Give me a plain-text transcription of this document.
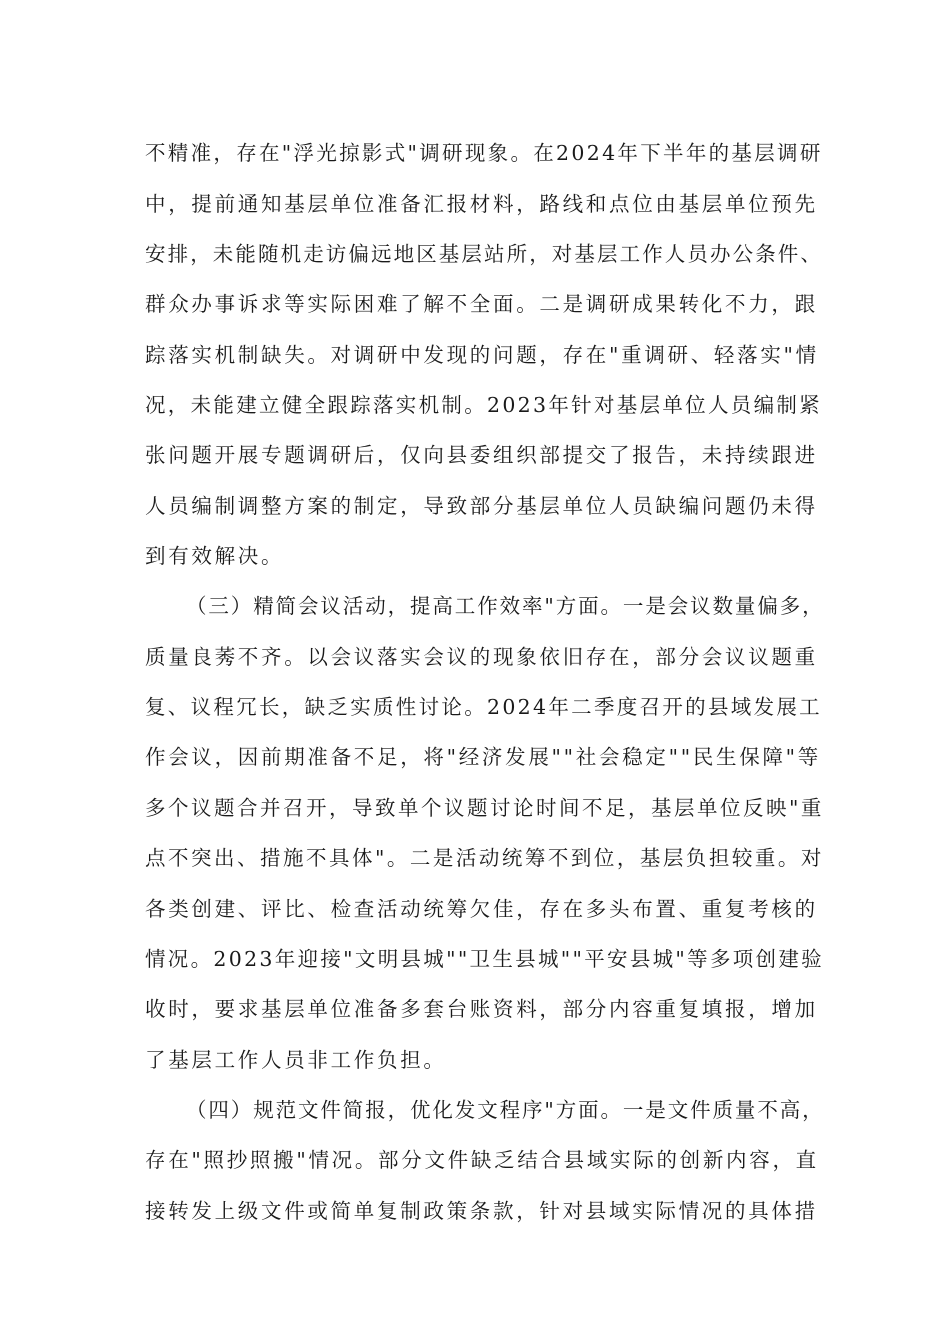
不精准，存在"浮光掠影式"调研现象。在2024年下半年的基层调研
中，提前通知基层单位准备汇报材料，路线和点位由基层单位预先
安排，未能随机走访偏远地区基层站所，对基层工作人员办公条件、
群众办事诉求等实际困难了解不全面。二是调研成果转化不力，跟
踪落实机制缺失。对调研中发现的问题，存在"重调研、轻落实"情
况，未能建立健全跟踪落实机制。2023年针对基层单位人员编制紧
张问题开展专题调研后，仅向县委组织部提交了报告，未持续跟进
人员编制调整方案的制定，导致部分基层单位人员缺编问题仍未得
到有效解决。
（三）精简会议活动，提高工作效率"方面。一是会议数量偏多，
质量良莠不齐。以会议落实会议的现象依旧存在，部分会议议题重
复、议程冗长，缺乏实质性讨论。2024年二季度召开的县域发展工
作会议，因前期准备不足，将"经济发展""社会稳定""民生保障"等
多个议题合并召开，导致单个议题讨论时间不足，基层单位反映"重
点不突出、措施不具体"。二是活动统筹不到位，基层负担较重。对
各类创建、评比、检查活动统筹欠佳，存在多头布置、重复考核的
情况。2023年迎接"文明县城""卫生县城""平安县城"等多项创建验
收时，要求基层单位准备多套台账资料，部分内容重复填报，增加
了基层工作人员非工作负担。
（四）规范文件简报，优化发文程序"方面。一是文件质量不高，
存在"照抄照搬"情况。部分文件缺乏结合县域实际的创新内容，直
接转发上级文件或简单复制政策条款，针对县域实际情况的具体措
